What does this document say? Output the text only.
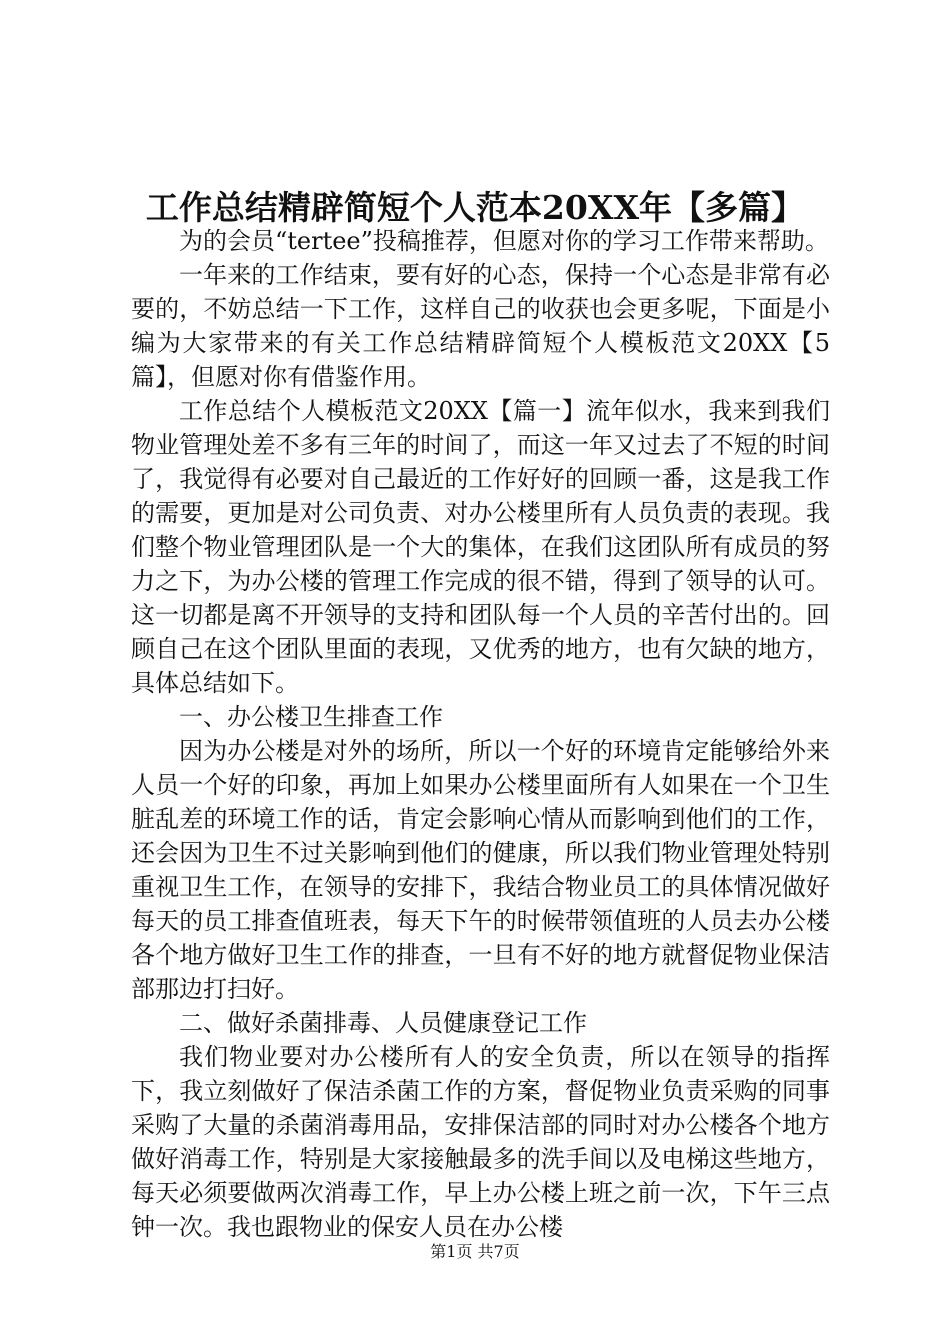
工作总结精辟简短个人范本20XX年【多篇】

为的会员“tertee”投稿推荐，但愿对你的学习工作带来帮助。

一年来的工作结束，要有好的心态，保持一个心态是非常有必要的，不妨总结一下工作，这样自己的收获也会更多呢，下面是小编为大家带来的有关工作总结精辟简短个人模板范文20XX【5篇】，但愿对你有借鉴作用。

工作总结个人模板范文20XX【篇一】流年似水，我来到我们物业管理处差不多有三年的时间了，而这一年又过去了不短的时间了，我觉得有必要对自己最近的工作好好的回顾一番，这是我工作的需要，更加是对公司负责、对办公楼里所有人员负责的表现。我们整个物业管理团队是一个大的集体，在我们这团队所有成员的努力之下，为办公楼的管理工作完成的很不错，得到了领导的认可。这一切都是离不开领导的支持和团队每一个人员的辛苦付出的。回顾自己在这个团队里面的表现，又优秀的地方，也有欠缺的地方，具体总结如下。

一、办公楼卫生排查工作

因为办公楼是对外的场所，所以一个好的环境肯定能够给外来人员一个好的印象，再加上如果办公楼里面所有人如果在一个卫生脏乱差的环境工作的话，肯定会影响心情从而影响到他们的工作，还会因为卫生不过关影响到他们的健康，所以我们物业管理处特别重视卫生工作，在领导的安排下，我结合物业员工的具体情况做好每天的员工排查值班表，每天下午的时候带领值班的人员去办公楼各个地方做好卫生工作的排查，一旦有不好的地方就督促物业保洁部那边打扫好。

二、做好杀菌排毒、人员健康登记工作

我们物业要对办公楼所有人的安全负责，所以在领导的指挥下，我立刻做好了保洁杀菌工作的方案，督促物业负责采购的同事采购了大量的杀菌消毒用品，安排保洁部的同时对办公楼各个地方做好消毒工作，特别是大家接触最多的洗手间以及电梯这些地方，每天必须要做两次消毒工作，早上办公楼上班之前一次，下午三点钟一次。我也跟物业的保安人员在办公楼

第1页 共7页
